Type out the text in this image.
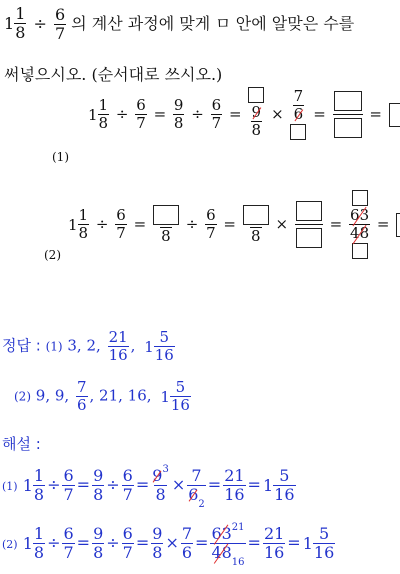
$1 \frac{1}{8} \div \frac{6}{7}$ 의 계산 과정에 맞게 ㅁ 안에 알맞은 수를
써넣으시오. (순서대로 쓰시오.)
(1)
$1 \frac{1}{8} \div \frac{6}{7} = \frac{9}{8} \div \frac{6}{7} = \frac{9}{8} \times \frac{7}{6}$ =	=
(2)
$1 \frac{1}{8} \div \frac{6}{7}$ =
8
÷ $\frac{6}{7}$ =
8
×	= $\frac{63}{48}$ =
정답 : (1) 3, 2, $\frac{21}{16}$ , $1 \frac{5}{16}$
(2) 9, 9, $\frac{7}{6}$ , 21, 16, $1 \frac{5}{16}$
해설 :
(1) $1 \frac{1}{8} \div \frac{6}{7} = \frac{9}{8} \div \frac{6}{7} = \frac{9^3}{8} \times \frac{7}{6_2} = \frac{21}{16} = 1 \frac{5}{16}$
(2) $1 \frac{1}{8} \div \frac{6}{7} = \frac{9}{8} \div \frac{6}{7} = \frac{9}{8} \times \frac{7}{6} = \frac{63^{21}}{48_{16}} = \frac{21}{16} = 1 \frac{5}{16}$
